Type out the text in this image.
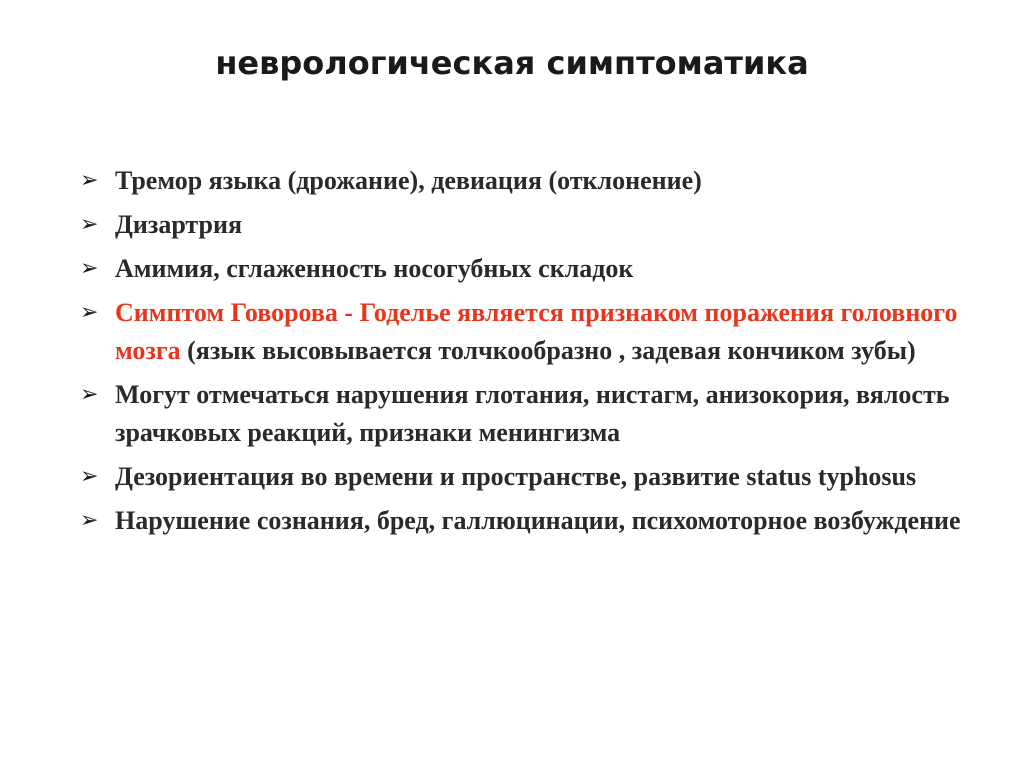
неврологическая симптоматика
➢ Тремор языка (дрожание), девиация (отклонение)
➢ Дизартрия
➢ Амимия, сглаженность носогубных складок
➢ Симптом Говорова - Годелье является признаком поражения головного мозга (язык высовывается толчкообразно , задевая кончиком зубы)
➢ Могут отмечаться нарушения глотания, нистагм, анизокория, вялость зрачковых реакций, признаки менингизма
➢ Дезориентация во времени и пространстве, развитие status typhosus
➢ Нарушение сознания, бред, галлюцинации, психомоторное возбуждение
